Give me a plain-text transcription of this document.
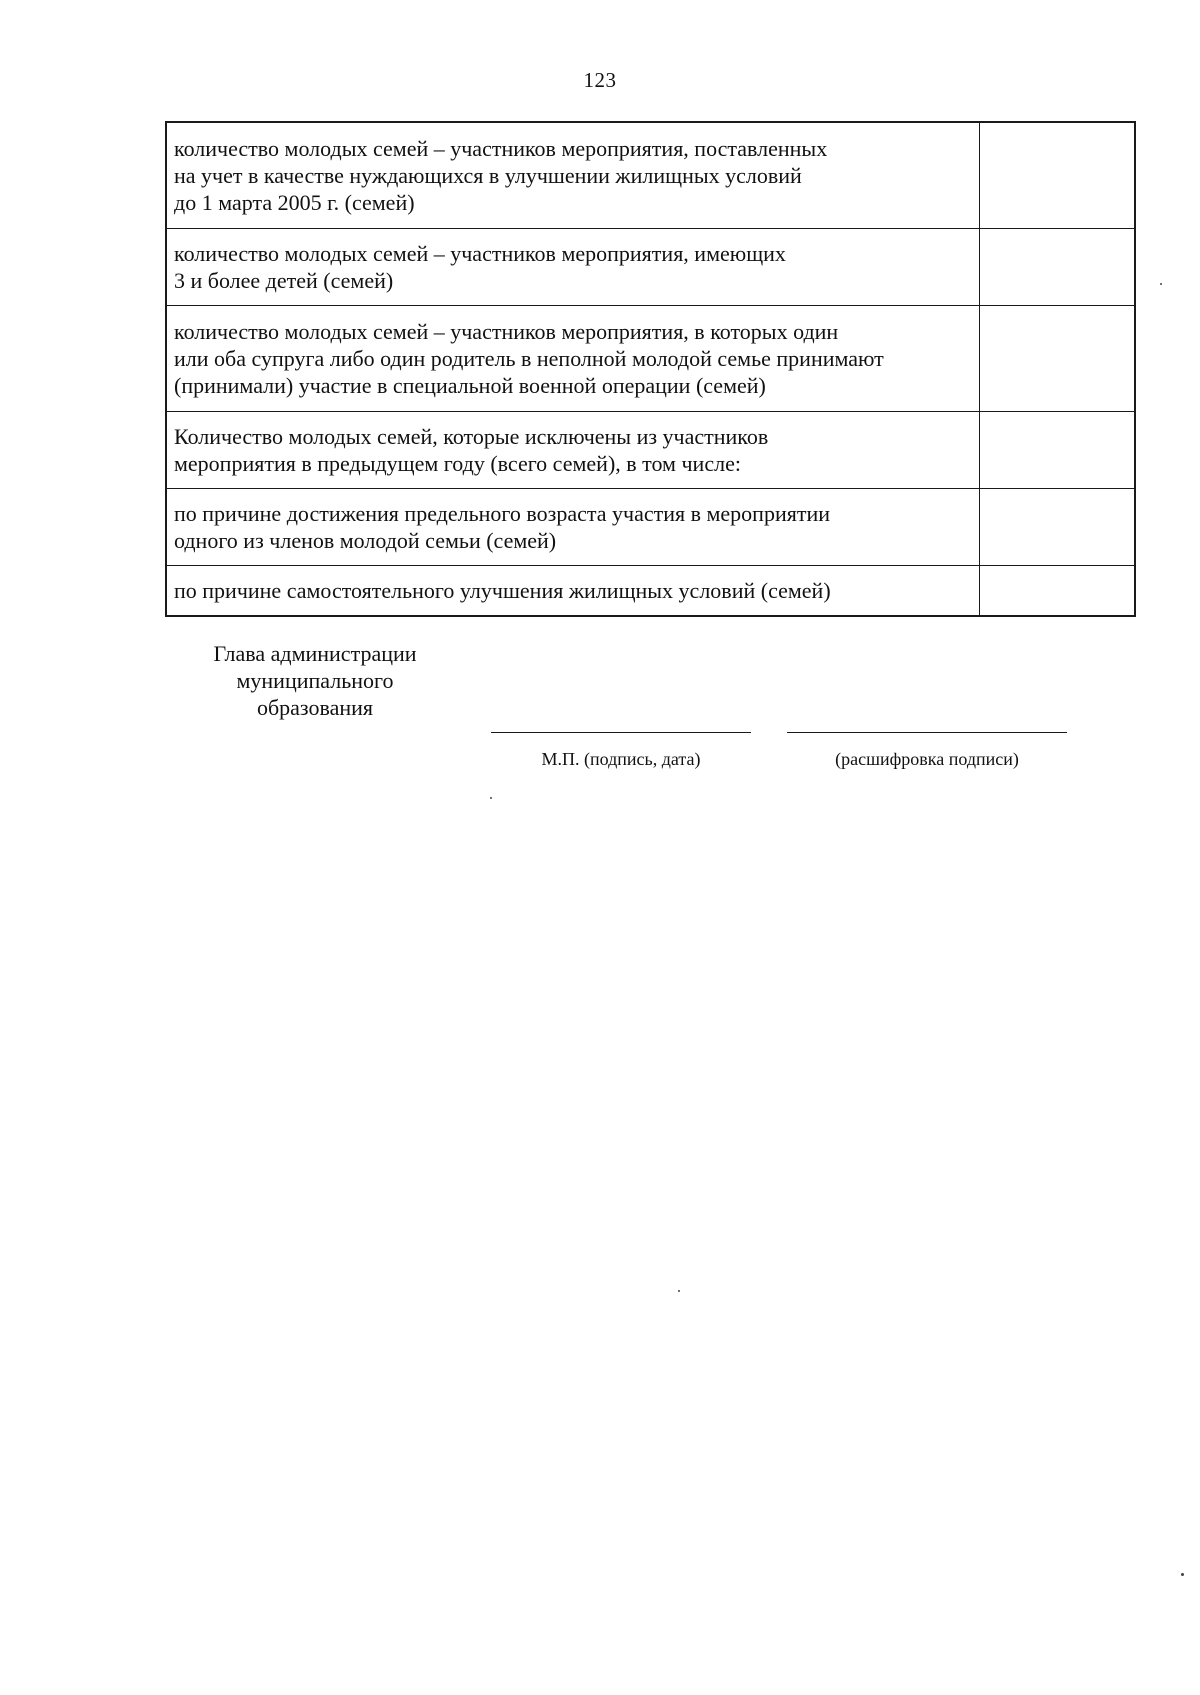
123
количество молодых семей – участников мероприятия, поставленных
на учет в качестве нуждающихся в улучшении жилищных условий
до 1 марта 2005 г. (семей)	
количество молодых семей – участников мероприятия, имеющих
3 и более детей (семей)	
количество молодых семей – участников мероприятия, в которых один
или оба супруга либо один родитель в неполной молодой семье принимают
(принимали) участие в специальной военной операции (семей)	
Количество молодых семей, которые исключены из участников
мероприятия в предыдущем году (всего семей), в том числе:	
по причине достижения предельного возраста участия в мероприятии
одного из членов молодой семьи (семей)	
по причине самостоятельного улучшения жилищных условий (семей)	
Глава администрации
муниципального
образования
М.П. (подпись, дата)	(расшифровка подписи)
